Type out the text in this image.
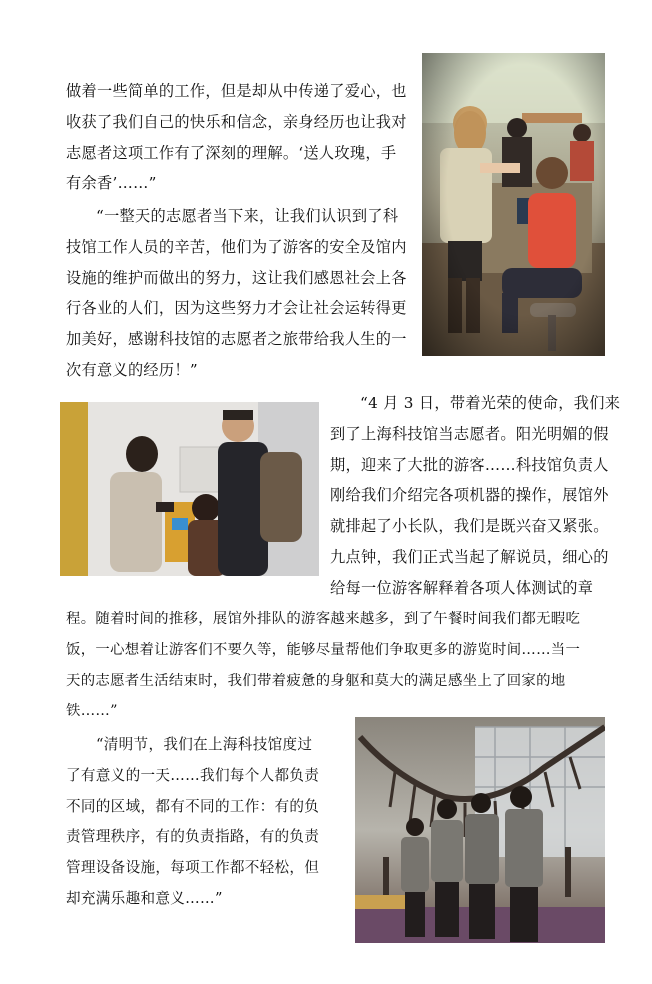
做着一些简单的工作，但是却从中传递了爱心，也
收获了我们自己的快乐和信念，亲身经历也让我对
志愿者这项工作有了深刻的理解。‘送人玫瑰，手
有余香’……”
“一整天的志愿者当下来，让我们认识到了科
技馆工作人员的辛苦，他们为了游客的安全及馆内
设施的维护而做出的努力，这让我们感恩社会上各
行各业的人们，因为这些努力才会让社会运转得更
加美好，感谢科技馆的志愿者之旅带给我人生的一
次有意义的经历！”
“4 月 3 日，带着光荣的使命，我们来
到了上海科技馆当志愿者。阳光明媚的假
期，迎来了大批的游客……科技馆负责人
刚给我们介绍完各项机器的操作，展馆外
就排起了小长队，我们是既兴奋又紧张。
九点钟，我们正式当起了解说员，细心的
给每一位游客解释着各项人体测试的章
程。随着时间的推移，展馆外排队的游客越来越多，到了午餐时间我们都无暇吃
饭，一心想着让游客们不要久等，能够尽量帮他们争取更多的游览时间……当一
天的志愿者生活结束时，我们带着疲惫的身躯和莫大的满足感坐上了回家的地
铁……”
“清明节，我们在上海科技馆度过
了有意义的一天……我们每个人都负责
不同的区域，都有不同的工作：有的负
责管理秩序，有的负责指路，有的负责
管理设备设施，每项工作都不轻松，但
却充满乐趣和意义……”
